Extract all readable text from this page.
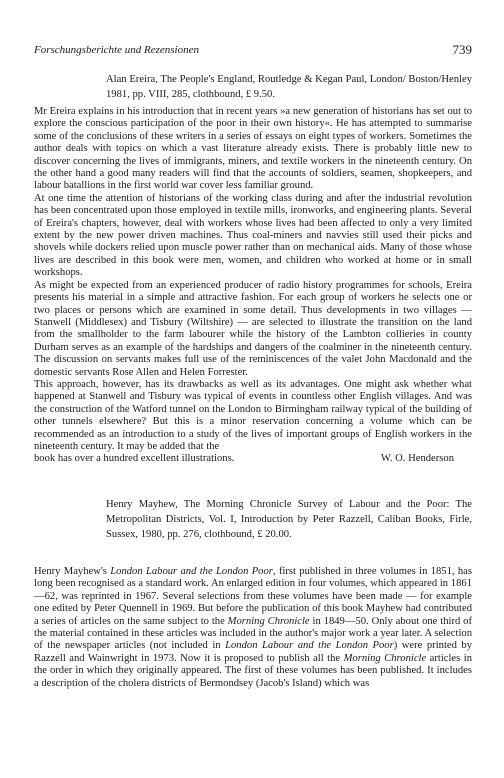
Forschungsberichte und Rezensionen	739
Alan Ereira, The People's England, Routledge & Kegan Paul, London/ Boston/Henley 1981, pp. VIII, 285, clothbound, £ 9.50.

Mr Ereira explains in his introduction that in recent years »a new generation of historians has set out to explore the conscious participation of the poor in their own history«. He has attempted to summarise some of the conclusions of these writers in a series of essays on eight types of workers. Sometimes the author deals with topics on which a vast literature already exists. There is probably little new to discover concerning the lives of immigrants, miners, and textile workers in the nineteenth century. On the other hand a good many readers will find that the accounts of soldiers, seamen, shopkeepers, and labour batallions in the first world war cover less familiar ground.

At one time the attention of historians of the working class during and after the industrial revolution has been concentrated upon those employed in textile mills, ironworks, and engineering plants. Several of Ereira's chapters, however, deal with workers whose lives had been affected to only a very limited extent by the new power driven machines. Thus coal-miners and navvies still used their picks and shovels while dockers relied upon muscle power rather than on mechanical aids. Many of those whose lives are described in this book were men, women, and children who worked at home or in small workshops.

As might be expected from an experienced producer of radio history programmes for schools, Ereira presents his material in a simple and attractive fashion. For each group of workers he selects one or two places or persons which are examined in some detail. Thus developments in two villages — Stanwell (Middlesex) and Tisbury (Wiltshire) — are selected to illustrate the transition on the land from the smallholder to the farm labourer while the history of the Lambton collieries in county Durham serves as an example of the hardships and dangers of the coalminer in the nineteenth century. The discussion on servants makes full use of the reminiscences of the valet John Macdonald and the domestic servants Rose Allen and Helen Forrester.

This approach, however, has its drawbacks as well as its advantages. One might ask whether what happened at Stanwell and Tisbury was typical of events in countless other English villages. And was the construction of the Watford tunnel on the London to Birmingham railway typical of the building of other tunnels elsewhere? But this is a minor reservation concerning a volume which can be recommended as an introduction to a study of the lives of important groups of English workers in the nineteenth century. It may be added that the

book has over a hundred excellent illustrations.	W. O. Henderson
Henry Mayhew, The Morning Chronicle Survey of Labour and the Poor: The Metropolitan Districts, Vol. I, Introduction by Peter Razzell, Caliban Books, Firle, Sussex, 1980, pp. 276, clothbound, £ 20.00.

Henry Mayhew's London Labour and the London Poor, first published in three volumes in 1851, has long been recognised as a standard work. An enlarged edition in four volumes, which appeared in 1861—62, was reprinted in 1967. Several selections from these volumes have been made — for example one edited by Peter Quennell in 1969. But before the publication of this book Mayhew had contributed a series of articles on the same subject to the Morning Chronicle in 1849—50. Only about one third of the material contained in these articles was included in the author's major work a year later. A selection of the newspaper articles (not included in London Labour and the London Poor) were printed by Razzell and Wainwright in 1973. Now it is proposed to publish all the Morning Chronicle articles in the order in which they originally appeared. The first of these volumes has been published. It includes a description of the cholera districts of Bermondsey (Jacob's Island) which was
